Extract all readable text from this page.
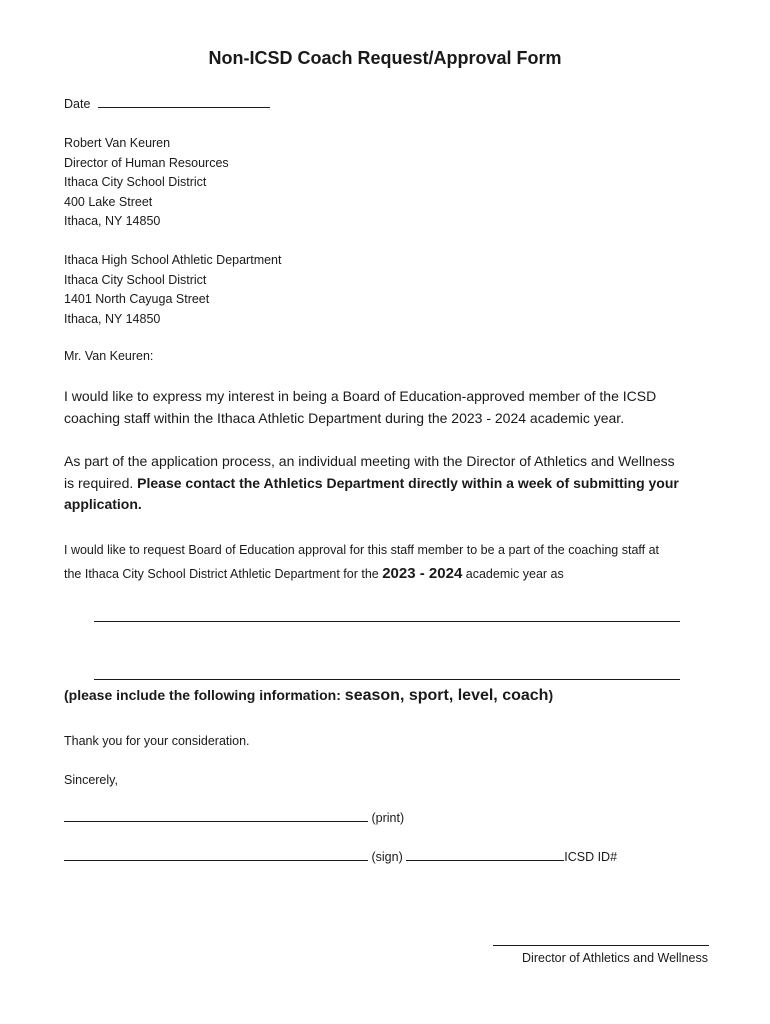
Non-ICSD Coach Request/Approval Form
Date
Robert Van Keuren
Director of Human Resources
Ithaca City School District
400 Lake Street
Ithaca, NY 14850
Ithaca High School Athletic Department
Ithaca City School District
1401 North Cayuga Street
Ithaca, NY 14850
Mr. Van Keuren:
I would like to express my interest in being a Board of Education-approved member of the ICSD
coaching staff within the Ithaca Athletic Department during the 2023 - 2024 academic year.
As part of the application process, an individual meeting with the Director of Athletics and Wellness
is required. Please contact the Athletics Department directly within a week of submitting your
application.
I would like to request Board of Education approval for this staff member to be a part of the coaching staff at
the Ithaca City School District Athletic Department for the 2023 - 2024 academic year as
(please include the following information: season, sport, level, coach)
Thank you for your consideration.
Sincerely,
(print)
(sign)	ICSD ID#
Director of Athletics and Wellness
